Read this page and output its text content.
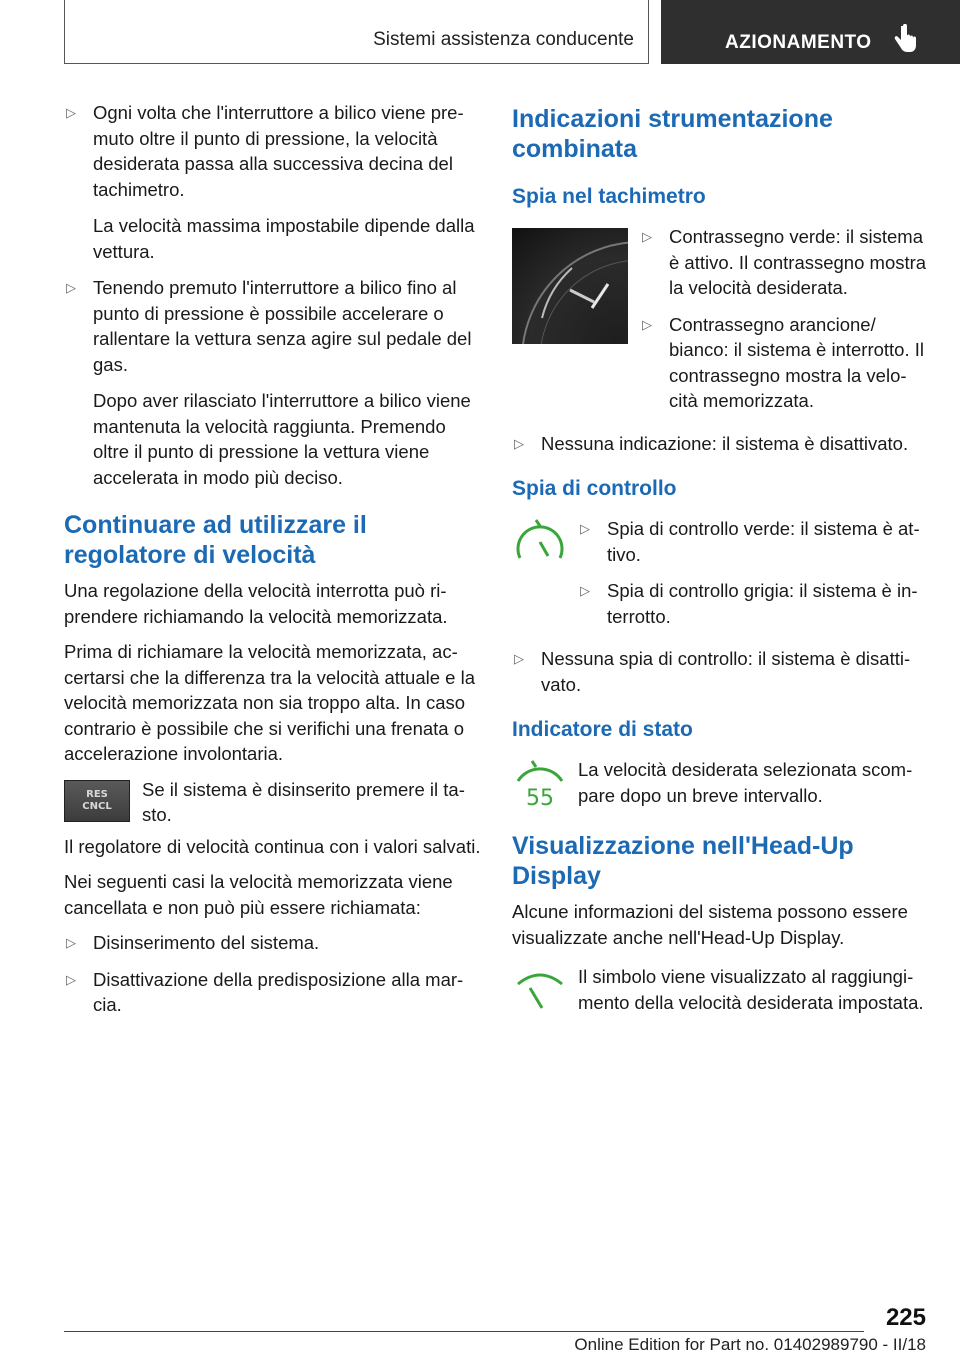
Sistemi assistenza conducente	AZIONAMENTO
▷ Ogni volta che l'interruttore a bilico viene premuto oltre il punto di pressione, la velocità desiderata passa alla successiva decina del tachimetro.
La velocità massima impostabile dipende dalla vettura.
▷ Tenendo premuto l'interruttore a bilico fino al punto di pressione è possibile accelerare o rallentare la vettura senza agire sul pedale del gas.
Dopo aver rilasciato l'interruttore a bilico viene mantenuta la velocità raggiunta. Premendo oltre il punto di pressione la vettura viene accelerata in modo più deciso.
Continuare ad utilizzare il regolatore di velocità

Una regolazione della velocità interrotta può riprendere richiamando la velocità memorizzata.

Prima di richiamare la velocità memorizzata, accertarsi che la differenza tra la velocità attuale e la velocità memorizzata non sia troppo alta. In caso contrario è possibile che si verifichi una frenata o accelerazione involontaria.

RES
CNCL
Se il sistema è disinserito premere il tasto.

Il regolatore di velocità continua con i valori salvati.

Nei seguenti casi la velocità memorizzata viene cancellata e non può più essere richiamata:

▷ Disinserimento del sistema.
▷ Disattivazione della predisposizione alla marcia.
Indicazioni strumentazione combinata
Spia nel tachimetro
▷ Contrassegno verde: il sistema è attivo. Il contrassegno mostra la velocità desiderata.
▷ Contrassegno arancione/ bianco: il sistema è interrotto. Il contrassegno mostra la velocità memorizzata.
▷ Nessuna indicazione: il sistema è disattivato.
Spia di controllo
▷ Spia di controllo verde: il sistema è attivo.
▷ Spia di controllo grigia: il sistema è interrotto.
▷ Nessuna spia di controllo: il sistema è disattivato.
Indicatore di stato
55
La velocità desiderata selezionata scompare dopo un breve intervallo.
Visualizzazione nell'Head-Up Display

Alcune informazioni del sistema possono essere visualizzate anche nell'Head-Up Display.

Il simbolo viene visualizzato al raggiungimento della velocità desiderata impostata.
225
Online Edition for Part no. 01402989790 - II/18
